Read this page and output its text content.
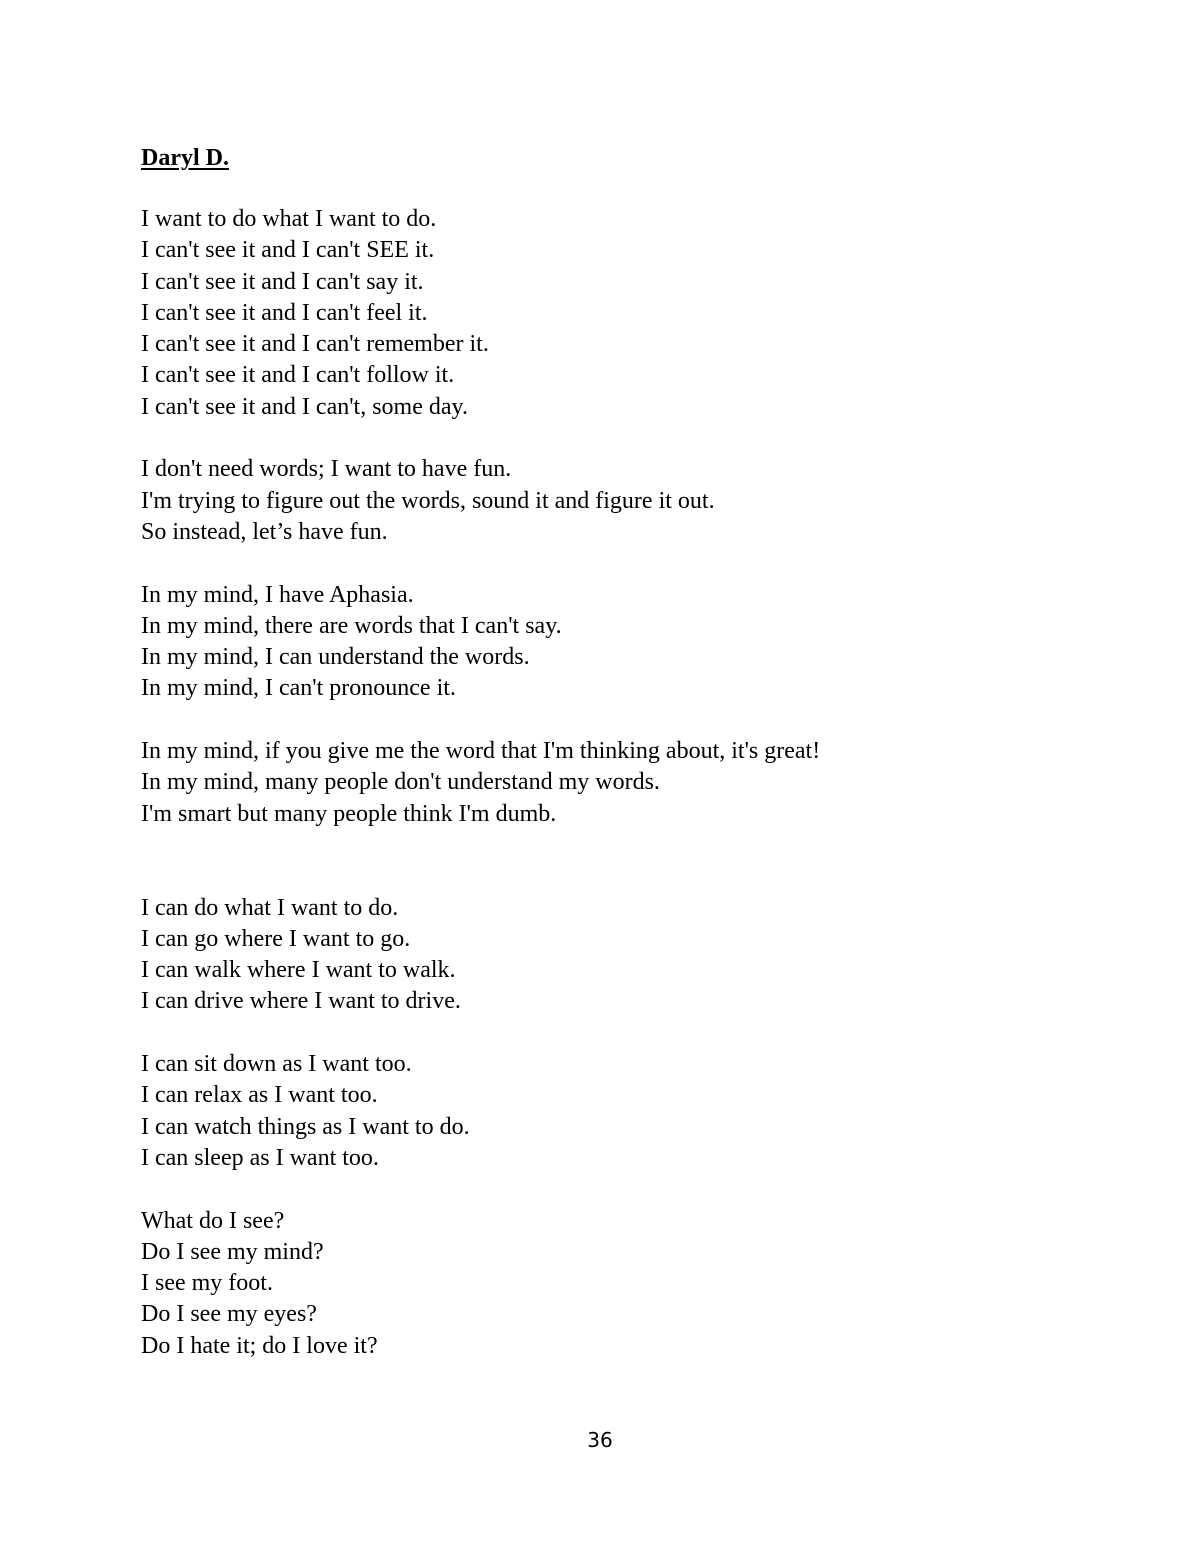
Daryl D.
I want to do what I want to do.
I can't see it and I can't SEE it.
I can't see it and I can't say it.
I can't see it and I can't feel it.
I can't see it and I can't remember it.
I can't see it and I can't follow it.
I can't see it and I can't, some day.
I don't need words; I want to have fun.
I'm trying to figure out the words, sound it and figure it out.
So instead, let’s have fun.
In my mind, I have Aphasia.
In my mind, there are words that I can't say.
In my mind, I can understand the words.
In my mind, I can't pronounce it.
In my mind, if you give me the word that I'm thinking about, it's great!
In my mind, many people don't understand my words.
I'm smart but many people think I'm dumb.
I can do what I want to do.
I can go where I want to go.
I can walk where I want to walk.
I can drive where I want to drive.
I can sit down as I want too.
I can relax as I want too.
I can watch things as I want to do.
I can sleep as I want too.
What do I see?
Do I see my mind?
I see my foot.
Do I see my eyes?
Do I hate it; do I love it?

36
